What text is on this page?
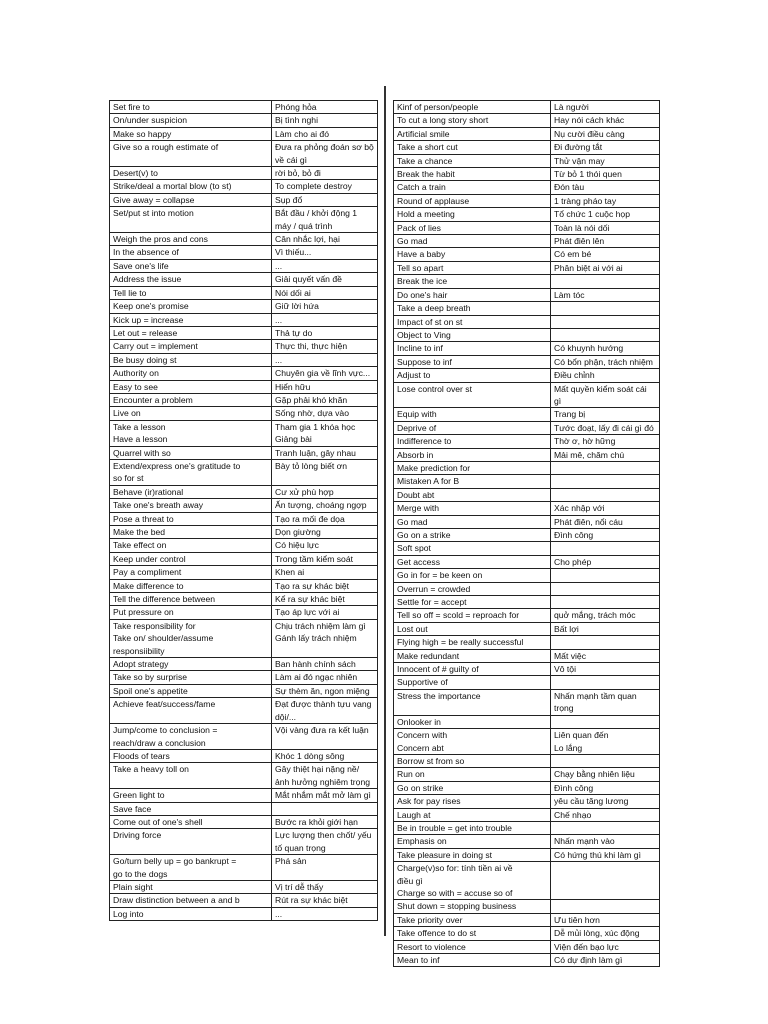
Set fire to	Phóng hỏa

On/under suspicion	Bị tình nghi

Make so happy	Làm cho ai đó

Give so a rough estimate of	Đưa ra phỏng đoán sơ bộ về cái gì

Desert(v) to	rời bỏ, bỏ đi

Strike/deal a mortal blow (to st)	To complete destroy

Give away = collapse	Sụp đổ

Set/put st into motion	Bắt đầu / khởi động 1 máy / quá trình

Weigh the pros and cons	Cân nhắc lợi, hại

In the absence of	Vì thiếu...

Save one's life	...

Address the issue	Giải quyết vấn đề

Tell lie to	Nói dối ai

Keep one's promise	Giữ lời hứa

Kick up = increase	...

Let out = release	Thả tự do

Carry out = implement	Thực thi, thực hiện

Be busy doing st	...

Authority on	Chuyên gia về lĩnh vực...

Easy to see	Hiển hữu

Encounter a problem	Gặp phải khó khăn

Live on	Sống nhờ, dựa vào

Take a lesson
Have a lesson	Tham gia 1 khóa học
Giảng bài

Quarrel with so	Tranh luận, gây nhau

Extend/express one's gratitude to
so for st	Bày tỏ lòng biết ơn

Behave (ir)rational	Cư xử phù hợp

Take one's breath away	Ấn tượng, choáng ngợp

Pose a threat to	Tạo ra mối đe dọa

Make the bed	Dọn giường

Take effect on	Có hiệu lực

Keep under control	Trong tầm kiểm soát

Pay a compliment	Khen ai

Make difference to	Tạo ra sự khác biệt

Tell the difference between	Kể ra sự khác biệt

Put pressure on	Tạo áp lực với ai

Take responsibility for
Take on/ shoulder/assume
responsiibility	Chịu trách nhiệm làm gì
Gánh lấy trách nhiệm

Adopt strategy	Ban hành chính sách

Take so by surprise	Làm ai đó ngạc nhiên

Spoil one's appetite	Sự thèm ăn, ngon miệng

Achieve feat/success/fame	Đạt được thành tựu vang dội/...

Jump/come to conclusion =
reach/draw a conclusion	Vội vàng đưa ra kết luận

Floods of tears	Khóc 1 dòng sông

Take a heavy toll on	Gây thiệt hại nặng nề/ ảnh hưởng nghiêm trọng

Green light to	Mắt nhắm mắt mở làm gì

Save face	

Come out of one's shell	Bước ra khỏi giới hạn

Driving force	Lực lượng then chốt/ yếu tố quan trọng

Go/turn belly up = go bankrupt =
go to the dogs	Phá sản

Plain sight	Vị trí dễ thấy

Draw distinction between a and b	Rút ra sự khác biệt

Log into	...
Kinf of person/people	Là người

To cut a long story short	Hay nói cách khác

Artificial smile	Nụ cười điều càng

Take a short cut	Đi đường tắt

Take a chance	Thử vận may

Break the habit	Từ bỏ 1 thói quen

Catch a train	Đón tàu

Round of applause	1 tràng pháo tay

Hold a meeting	Tổ chức 1 cuộc họp

Pack of lies	Toàn là nói dối

Go mad	Phát điên lên

Have a baby	Có em bé

Tell so apart	Phân biệt ai với ai

Break the ice	

Do one's hair	Làm tóc

Take a deep breath	

Impact of st on st	

Object to Ving	

Incline to inf	Có khuynh hướng

Suppose to inf	Có bổn phận, trách nhiệm

Adjust to	Điều chỉnh

Lose control over st	Mất quyền kiểm soát cái gì

Equip with	Trang bị

Deprive of	Tước đoạt, lấy đi cái gì đó

Indifference to	Thờ ơ, hờ hững

Absorb in	Mải mê, chăm chú

Make prediction for	

Mistaken A for B	

Doubt abt	

Merge with	Xác nhập với

Go mad	Phát điên, nổi cáu

Go on a strike	Đình công

Soft spot	

Get access	Cho phép

Go in for = be keen on	

Overrun = crowded	

Settle for = accept	

Tell so off = scold = reproach for	quở mắng, trách móc

Lost out	Bất lợi

Flying high = be really successful	

Make redundant	Mất việc

Innocent of # guilty of	Vô tội

Supportive of	

Stress the importance	Nhấn mạnh tầm quan trọng

Onlooker in	

Concern with
Concern abt	Liên quan đến
Lo lắng

Borrow st from so	

Run on	Chạy bằng nhiên liệu

Go on strike	Đình công

Ask for pay rises	yêu cầu tăng lương

Laugh at	Chế nhạo

Be in trouble = get into trouble	

Emphasis on	Nhấn mạnh vào

Take pleasure in doing st	Có hứng thú khi làm gì

Charge(v)so for: tính tiền ai về
điều gì
Charge so with = accuse so of	

Shut down = stopping business	

Take priority over	Ưu tiên hơn

Take offence to do st	Dễ mủi lòng, xúc động

Resort to violence	Viện đến bạo lực

Mean to inf	Có dự định làm gì
